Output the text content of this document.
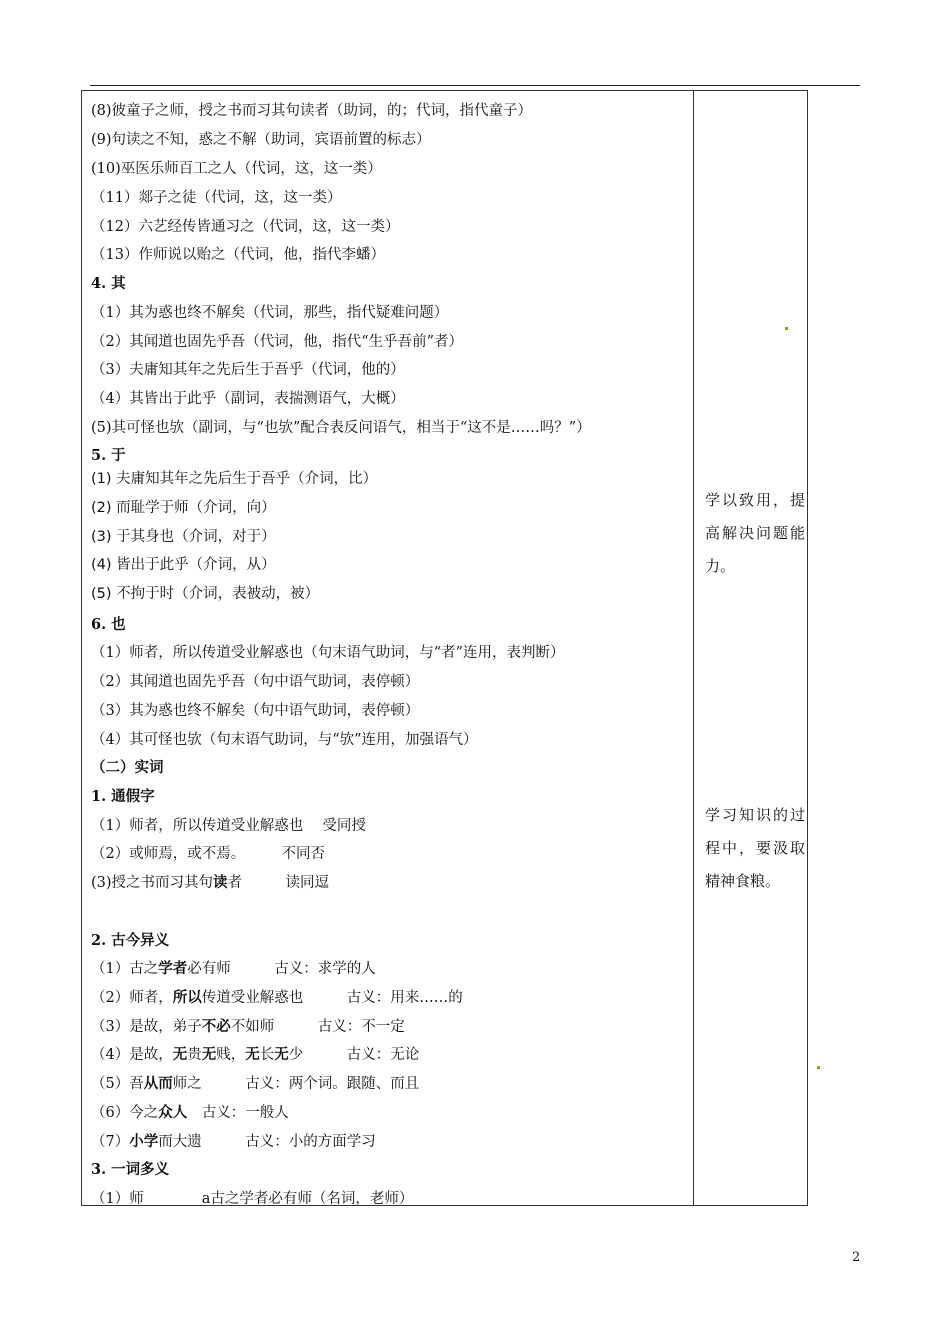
(8)彼童子之师，授之书而习其句读者（助词，的；代词，指代童子）
(9)句读之不知，惑之不解（助词，宾语前置的标志）
(10)巫医乐师百工之人（代词，这，这一类）
（11）郯子之徒（代词，这，这一类）
（12）六艺经传皆通习之（代词，这，这一类）
（13）作师说以贻之（代词，他，指代李蟠）
4. 其
（1）其为惑也终不解矣（代词，那些，指代疑难问题）
（2）其闻道也固先乎吾（代词，他，指代“生乎吾前”者）
（3）夫庸知其年之先后生于吾乎（代词，他的）
（4）其皆出于此乎（副词，表揣测语气，大概）
(5)其可怪也欤（副词，与“也欤”配合表反问语气，相当于“这不是……吗？”）
5. 于
(1) 夫庸知其年之先后生于吾乎（介词，比）
(2) 而耻学于师（介词，向）
(3) 于其身也（介词，对于）
(4) 皆出于此乎（介词，从）
(5) 不拘于时（介词，表被动，被）
6. 也
（1）师者，所以传道受业解惑也（句末语气助词，与“者”连用，表判断）
（2）其闻道也固先乎吾（句中语气助词，表停顿）
（3）其为惑也终不解矣（句中语气助词，表停顿）
（4）其可怪也欤（句末语气助词，与“欤”连用，加强语气）
（二）实词
1. 通假字
（1）师者，所以传道受业解惑也　 受同授
（2）或师焉，或不焉。　　　不同否
(3)授之书而习其句读者　　　读同逗
2. 古今异义
（1）古之学者必有师　　　古义：求学的人
（2）师者，所以传道受业解惑也　　　古义：用来……的
（3）是故，弟子不必不如师　　　古义：不一定
（4）是故，无贵无贱，无长无少　　　古义：无论
（5）吾从而师之　　　古义：两个词。跟随、而且
（6）今之众人　古义：一般人
（7）小学而大遗　　　古义：小的方面学习
3. 一词多义
（1）师　　　　a古之学者必有师（名词，老师）
学以致用，提高解决问题能力。
学习知识的过程中，要汲取精神食粮。
2
